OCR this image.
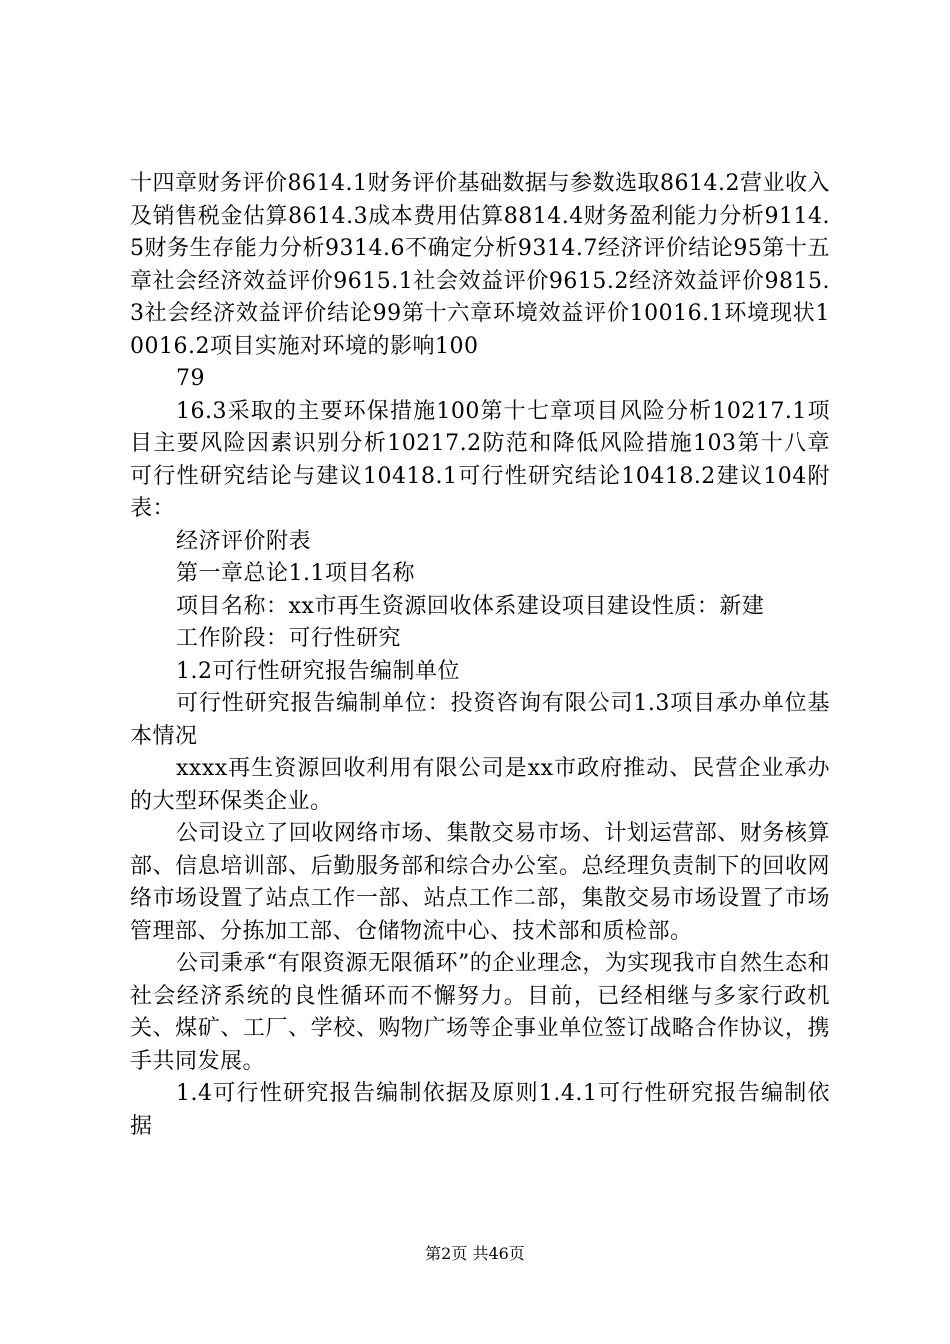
十四章财务评价8614.1财务评价基础数据与参数选取8614.2营业收入及销售税金估算8614.3成本费用估算8814.4财务盈利能力分析9114.5财务生存能力分析9314.6不确定分析9314.7经济评价结论95第十五章社会经济效益评价9615.1社会效益评价9615.2经济效益评价9815.3社会经济效益评价结论99第十六章环境效益评价10016.1环境现状10016.2项目实施对环境的影响100

79

16.3采取的主要环保措施100第十七章项目风险分析10217.1项目主要风险因素识别分析10217.2防范和降低风险措施103第十八章可行性研究结论与建议10418.1可行性研究结论10418.2建议104附表：

经济评价附表

第一章总论1.1项目名称

项目名称：xx市再生资源回收体系建设项目建设性质：新建

工作阶段：可行性研究

1.2可行性研究报告编制单位

可行性研究报告编制单位：投资咨询有限公司1.3项目承办单位基本情况

xxxx再生资源回收利用有限公司是xx市政府推动、民营企业承办的大型环保类企业。

公司设立了回收网络市场、集散交易市场、计划运营部、财务核算部、信息培训部、后勤服务部和综合办公室。总经理负责制下的回收网络市场设置了站点工作一部、站点工作二部，集散交易市场设置了市场管理部、分拣加工部、仓储物流中心、技术部和质检部。

公司秉承“有限资源无限循环”的企业理念，为实现我市自然生态和社会经济系统的良性循环而不懈努力。目前，已经相继与多家行政机关、煤矿、工厂、学校、购物广场等企事业单位签订战略合作协议，携手共同发展。

1.4可行性研究报告编制依据及原则1.4.1可行性研究报告编制依据

第2页 共46页
